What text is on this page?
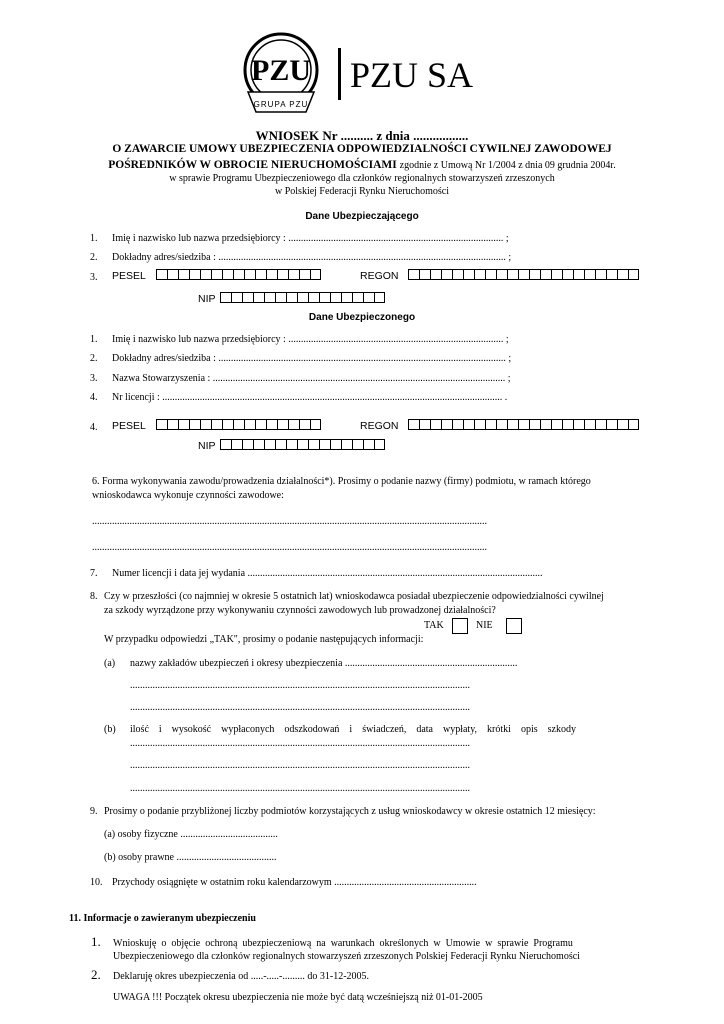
PZU
GRUPA PZU
PZU SA
WNIOSEK Nr .......... z dnia .................
O ZAWARCIE UMOWY UBEZPIECZENIA ODPOWIEDZIALNOŚCI CYWILNEJ ZAWODOWEJ
POŚREDNIKÓW W OBROCIE NIERUCHOMOŚCIAMI zgodnie z Umową Nr 1/2004 z dnia 09 grudnia 2004r.
w sprawie Programu Ubezpieczeniowego dla członków regionalnych stowarzyszeń zrzeszonych
w Polskiej Federacji Rynku Nieruchomości
Dane Ubezpieczającego
1. Imię i nazwisko lub nazwa przedsiębiorcy : ...................................................................................... ;
2. Dokładny adres/siedziba : ................................................................................................................... ;
3. PESEL	REGON
NIP
Dane Ubezpieczonego
1. Imię i nazwisko lub nazwa przedsiębiorcy : ...................................................................................... ;
2. Dokładny adres/siedziba : ................................................................................................................... ;
3. Nazwa Stowarzyszenia : ..................................................................................................................... ;
4. Nr licencji : ........................................................................................................................................ .
4. PESEL	REGON
NIP
6. Forma wykonywania zawodu/prowadzenia działalności*). Prosimy o podanie nazwy (firmy) podmiotu, w ramach którego
wnioskodawca wykonuje czynności zawodowe:
..............................................................................................................................................................
..............................................................................................................................................................
7. Numer licencji i data jej wydania ......................................................................................................................
8. Czy w przeszłości (co najmniej w okresie 5 ostatnich lat) wnioskodawca posiadał ubezpieczenie odpowiedzialności cywilnej
za szkody wyrządzone przy wykonywaniu czynności zawodowych lub prowadzonej działalności?
TAK	NIE
W przypadku odpowiedzi „TAK", prosimy o podanie następujących informacji:
(a) nazwy zakładów ubezpieczeń i okresy ubezpieczenia .....................................................................
........................................................................................................................................
........................................................................................................................................
(b) ilość    i    wysokość    wypłaconych    odszkodowań    i    świadczeń,    data    wypłaty,    krótki    opis    szkody
........................................................................................................................................
........................................................................................................................................
........................................................................................................................................
9. Prosimy o podanie przybliżonej liczby podmiotów korzystających z usług wnioskodawcy w okresie ostatnich 12 miesięcy:
(a) osoby fizyczne .......................................
(b) osoby prawne ........................................
10. Przychody osiągnięte w ostatnim roku kalendarzowym .........................................................
11. Informacje o zawieranym ubezpieczeniu
1. Wnioskuję  o  objęcie  ochroną  ubezpieczeniową  na  warunkach  określonych  w  Umowie  w  sprawie  Programu
Ubezpieczeniowego dla członków regionalnych stowarzyszeń zrzeszonych Polskiej Federacji Rynku Nieruchomości
2. Deklaruję okres ubezpieczenia od .....-.....-......... do 31-12-2005.
UWAGA !!! Początek okresu ubezpieczenia nie może być datą wcześniejszą niż 01-01-2005
